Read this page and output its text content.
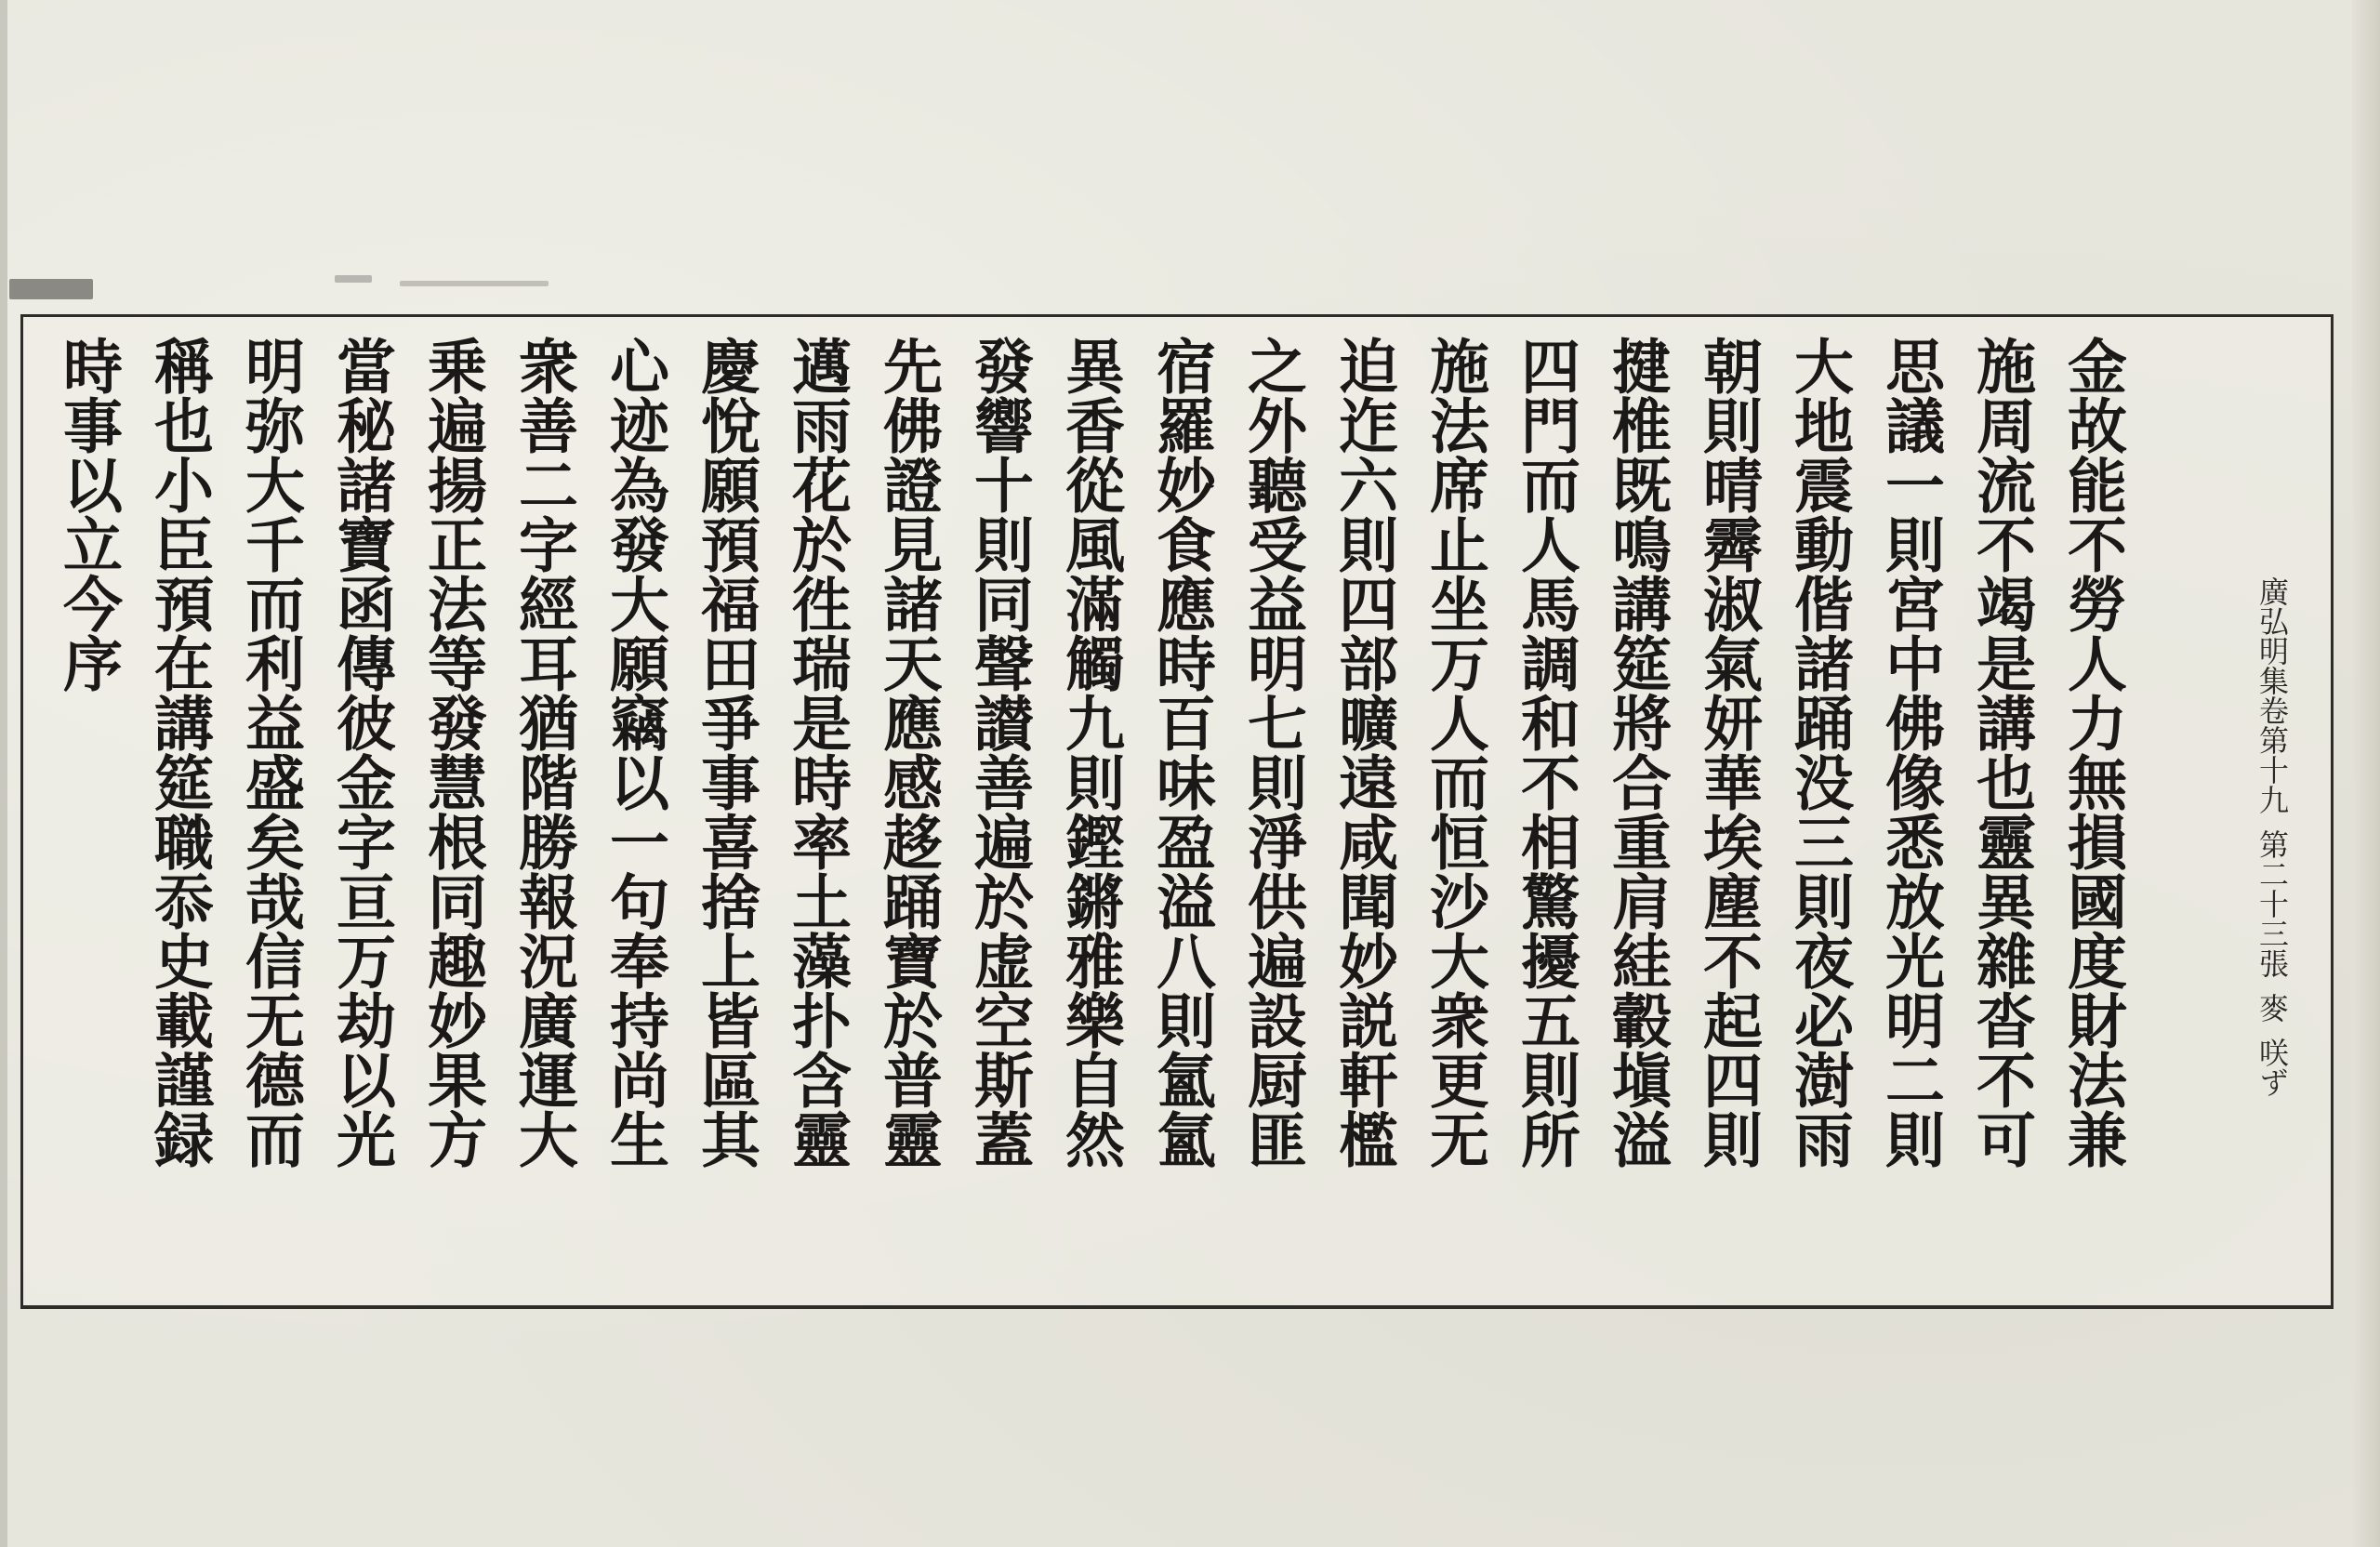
金故能不勞人力無損國度財法兼
施周流不竭是講也靈異雜沓不可
思議一則宮中佛像悉放光明二則
大地震動偕諸踊没三則夜必澍雨
朝則晴霽淑氣妍華埃塵不起四則
揵椎既鳴講筵將合重肩絓轂塡溢
四門而人馬調和不相驚擾五則所
施法席止坐万人而恒沙大衆更无
迫迮六則四部曠遠咸聞妙説軒檻
之外聽受益明七則淨供遍設厨匪
宿羅妙食應時百味盈溢八則氳氳
異香從風滿觸九則鏗鏘雅樂自然
發響十則同聲讃善遍於虚空斯蓋
先佛證見諸天應感趍踊寶於普靈
邁雨花於徃瑞是時率土藻扑含靈
慶悅願預福田爭事喜捨上皆區其
心迹為發大願竊以一句奉持尚生
衆善二字經耳猶階勝報況廣運大
乗遍揚正法等發慧根同趣妙果方
當秘諸寶函傳彼金字亘万劫以光
明弥大千而利益盛矣哉信无德而
稱也小臣預在講筵職忝史載謹録
時事以立今序
廣弘明集卷第十九第二十三張麥咲ず
